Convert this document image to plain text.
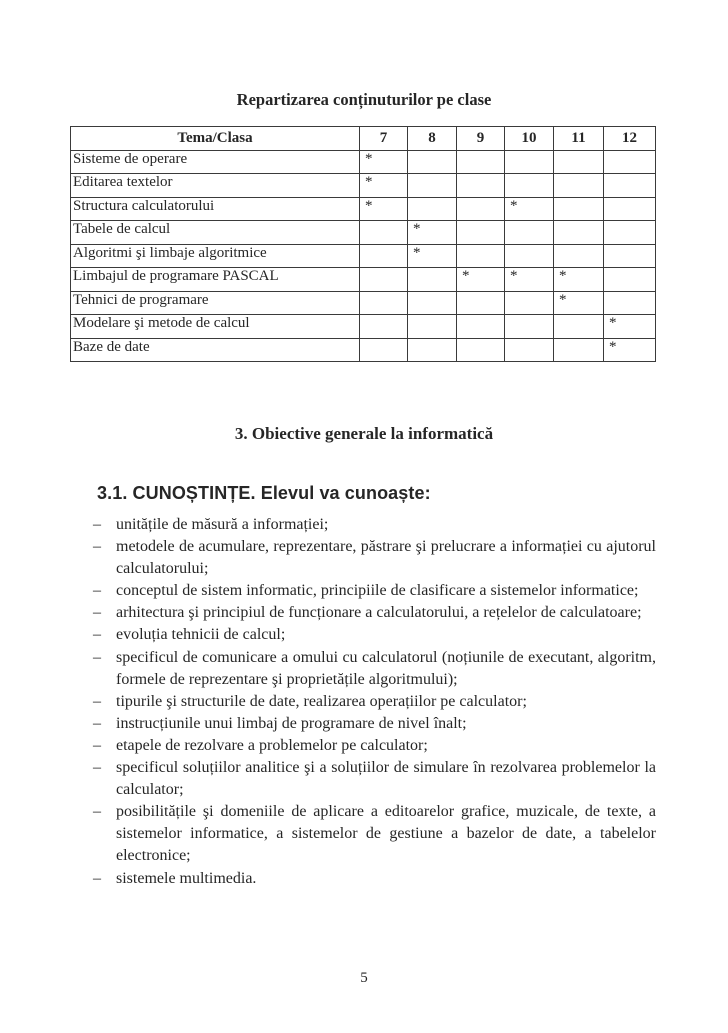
Repartizarea conținuturilor pe clase
Tema/Clasa	7	8	9	10	11	12
Sisteme de operare	*					
Editarea textelor	*					
Structura calculatorului	*			*		
Tabele de calcul		*				
Algoritmi şi limbaje algoritmice		*				
Limbajul de programare PASCAL			*	*	*	
Tehnici de programare					*	
Modelare şi metode de calcul						*
Baze de date						*
3. Obiective generale la informatică
3.1. CUNOȘTINȚE. Elevul va cunoaște:
– unitățile de măsură a informației;
– metodele de acumulare, reprezentare, păstrare şi prelucrare a informației cu ajutorul calculatorului;
– conceptul de sistem informatic, principiile de clasificare a sistemelor informatice;
– arhitectura şi principiul de funcționare a calculatorului, a rețelelor de calculatoare;
– evoluția tehnicii de calcul;
– specificul de comunicare a omului cu calculatorul (noțiunile de executant, algoritm, formele de reprezentare şi proprietățile algoritmului);
– tipurile şi structurile de date, realizarea operațiilor pe calculator;
– instrucțiunile unui limbaj de programare de nivel înalt;
– etapele de rezolvare a problemelor pe calculator;
– specificul soluțiilor analitice şi a soluțiilor de simulare în rezolvarea problemelor la calculator;
– posibilitățile şi domeniile de aplicare a editoarelor grafice, muzicale, de texte, a sistemelor informatice, a sistemelor de gestiune a bazelor de date, a tabelelor electronice;
– sistemele multimedia.
5
